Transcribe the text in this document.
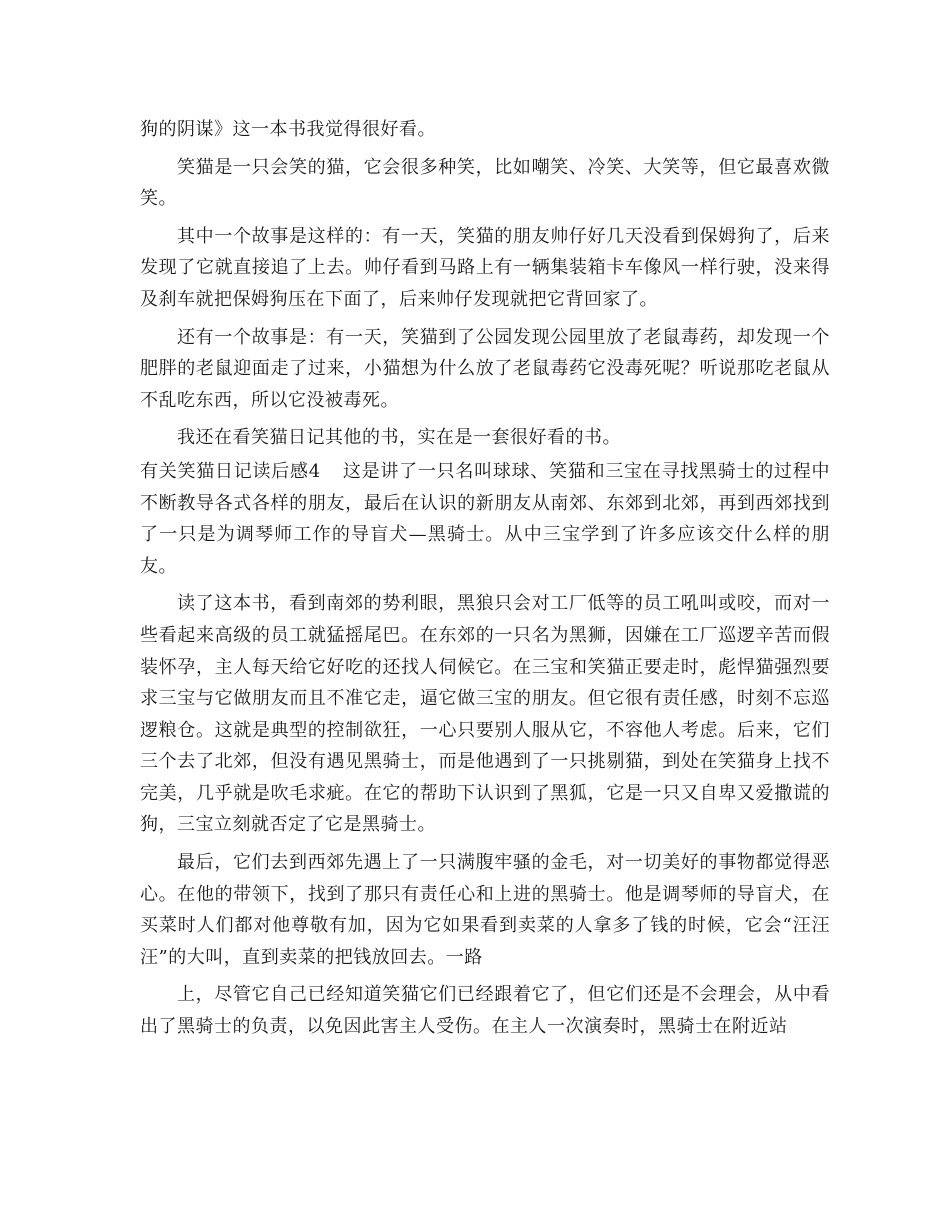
狗的阴谋》这一本书我觉得很好看。

笑猫是一只会笑的猫，它会很多种笑，比如嘲笑、冷笑、大笑等，但它最喜欢微笑。

其中一个故事是这样的：有一天，笑猫的朋友帅仔好几天没看到保姆狗了，后来发现了它就直接追了上去。帅仔看到马路上有一辆集装箱卡车像风一样行驶，没来得及刹车就把保姆狗压在下面了，后来帅仔发现就把它背回家了。

还有一个故事是：有一天，笑猫到了公园发现公园里放了老鼠毒药，却发现一个肥胖的老鼠迎面走了过来，小猫想为什么放了老鼠毒药它没毒死呢？听说那吃老鼠从不乱吃东西，所以它没被毒死。

我还在看笑猫日记其他的书，实在是一套很好看的书。

有关笑猫日记读后感4 这是讲了一只名叫球球、笑猫和三宝在寻找黑骑士的过程中不断教导各式各样的朋友，最后在认识的新朋友从南郊、东郊到北郊，再到西郊找到了一只是为调琴师工作的导盲犬—黑骑士。从中三宝学到了许多应该交什么样的朋友。

读了这本书，看到南郊的势利眼，黑狼只会对工厂低等的员工吼叫或咬，而对一些看起来高级的员工就猛摇尾巴。在东郊的一只名为黑狮，因嫌在工厂巡逻辛苦而假装怀孕，主人每天给它好吃的还找人伺候它。在三宝和笑猫正要走时，彪悍猫强烈要求三宝与它做朋友而且不准它走，逼它做三宝的朋友。但它很有责任感，时刻不忘巡逻粮仓。这就是典型的控制欲狂，一心只要别人服从它，不容他人考虑。后来，它们三个去了北郊，但没有遇见黑骑士，而是他遇到了一只挑剔猫，到处在笑猫身上找不完美，几乎就是吹毛求疵。在它的帮助下认识到了黑狐，它是一只又自卑又爱撒谎的狗，三宝立刻就否定了它是黑骑士。

最后，它们去到西郊先遇上了一只满腹牢骚的金毛，对一切美好的事物都觉得恶心。在他的带领下，找到了那只有责任心和上进的黑骑士。他是调琴师的导盲犬，在买菜时人们都对他尊敬有加，因为它如果看到卖菜的人拿多了钱的时候，它会“汪汪汪”的大叫，直到卖菜的把钱放回去。一路

上，尽管它自己已经知道笑猫它们已经跟着它了，但它们还是不会理会，从中看出了黑骑士的负责，以免因此害主人受伤。在主人一次演奏时，黑骑士在附近站
